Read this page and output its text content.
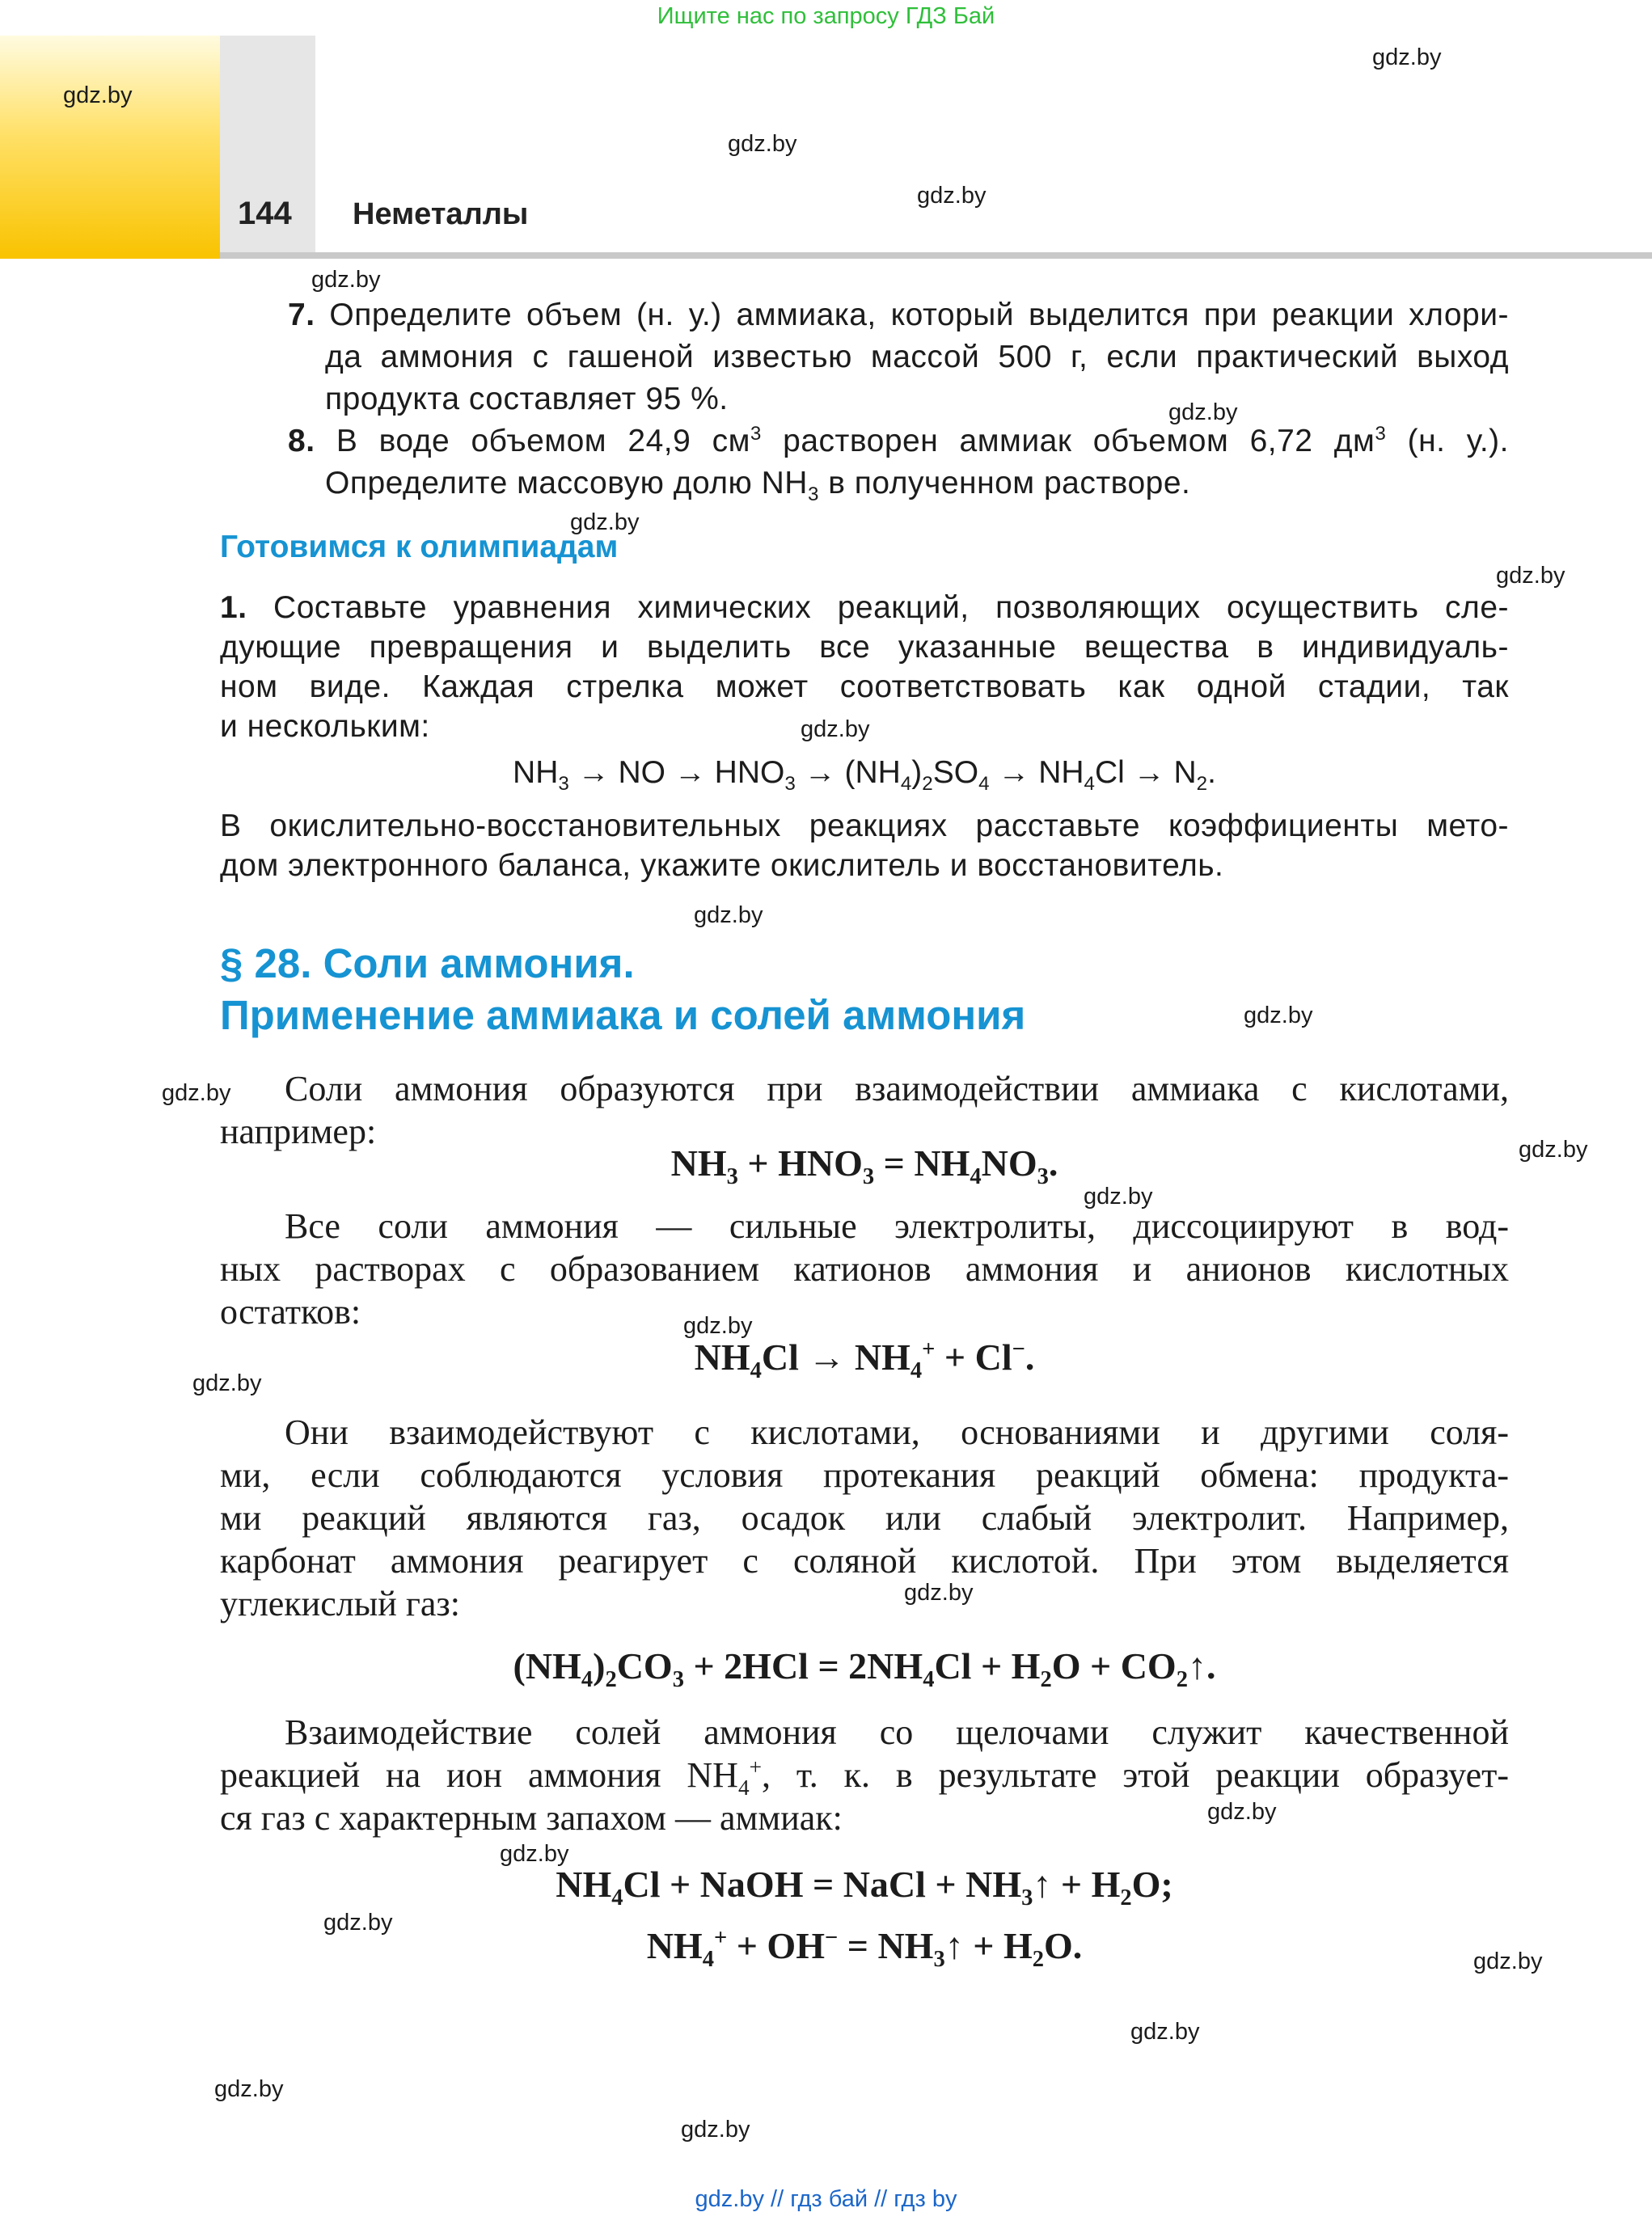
Ищите нас по запросу ГДЗ Бай
144 Неметаллы
gdz.by
gdz.by
gdz.by
gdz.by
gdz.by
gdz.by
gdz.by
gdz.by
gdz.by
gdz.by
gdz.by
gdz.by
gdz.by
gdz.by
gdz.by
gdz.by
gdz.by
gdz.by
gdz.by
gdz.by
gdz.by
gdz.by
gdz.by
gdz.by
7. Определите объем (н. у.) аммиака, который выделится при реакции хлори-
да аммония с гашеной известью массой 500 г, если практический выход
продукта составляет 95 %.
8. В воде объемом 24,9 $см^3$ растворен аммиак объемом 6,72 $дм^3$ (н. у.).
Определите массовую долю $NH_3$ в полученном растворе.
Готовимся к олимпиадам
1. Составьте уравнения химических реакций, позволяющих осуществить сле-
дующие превращения и выделить все указанные вещества в индивидуаль-
ном виде. Каждая стрелка может соответствовать как одной стадии, так
и нескольким:
$NH_3$ → NO → $HNO_3 \to (NH_4)_2SO_4 \to NH_4Cl \to N_2$.
В окислительно-восстановительных реакциях расставьте коэффициенты мето-
дом электронного баланса, укажите окислитель и восстановитель.
§ 28. Соли аммония.
Применение аммиака и солей аммония
Соли аммония образуются при взаимодействии аммиака с кислотами,
например:
$NH_3 + HNO_3 = NH_4NO_3$.
Все соли аммония — сильные электролиты, диссоциируют в вод-
ных растворах с образованием катионов аммония и анионов кислотных
остатков:
$NH_4Cl \to NH_4^+ + Cl^-$.
Они взаимодействуют с кислотами, основаниями и другими соля-
ми, если соблюдаются условия протекания реакций обмена: продукта-
ми реакций являются газ, осадок или слабый электролит. Например,
карбонат аммония реагирует с соляной кислотой. При этом выделяется
углекислый газ:
$(NH_4)_2CO_3 + 2HCl = 2NH_4Cl + H_2O$ + $CO_2↑$.
Взаимодействие солей аммония со щелочами служит качественной
реакцией на ион аммония $NH_4^+$, т. к. в результате этой реакции образует-
ся газ с характерным запахом — аммиак:
$NH_4Cl$ + NaOH = NaCl + $NH_3↑ + H_2O$;
$NH_4^+ + OH^-$ = $NH_3↑ + H_2O$.
gdz.by // гдз бай // гдз by
